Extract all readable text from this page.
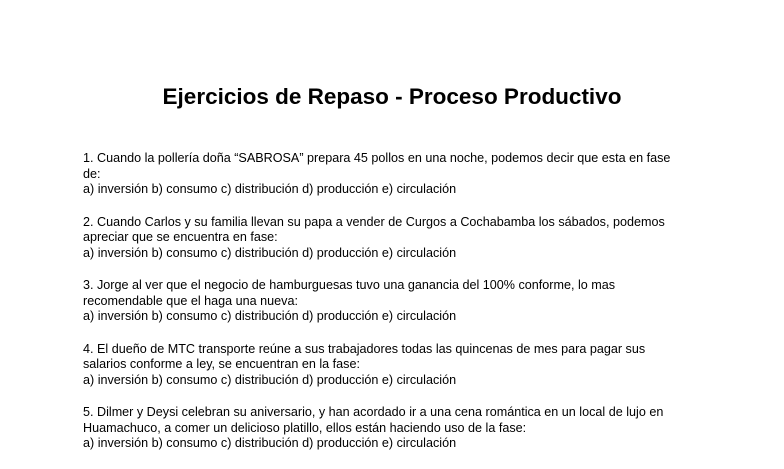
Ejercicios de Repaso - Proceso Productivo
1. Cuando la pollería doña “SABROSA” prepara 45 pollos en una noche, podemos decir que esta en fase
de:
a) inversión b) consumo c) distribución d) producción e) circulación
2. Cuando Carlos y su familia llevan su papa a vender de Curgos a Cochabamba los sábados, podemos
apreciar que se encuentra en fase:
a) inversión b) consumo c) distribución d) producción e) circulación
3. Jorge al ver que el negocio de hamburguesas tuvo una ganancia del 100% conforme, lo mas
recomendable que el haga una nueva:
a) inversión b) consumo c) distribución d) producción e) circulación
4. El dueño de MTC transporte reúne a sus trabajadores todas las quincenas de mes para pagar sus
salarios conforme a ley, se encuentran en la fase:
a) inversión b) consumo c) distribución d) producción e) circulación
5. Dilmer y Deysi celebran su aniversario, y han acordado ir a una cena romántica en un local de lujo en
Huamachuco, a comer un delicioso platillo, ellos están haciendo uso de la fase:
a) inversión b) consumo c) distribución d) producción e) circulación
